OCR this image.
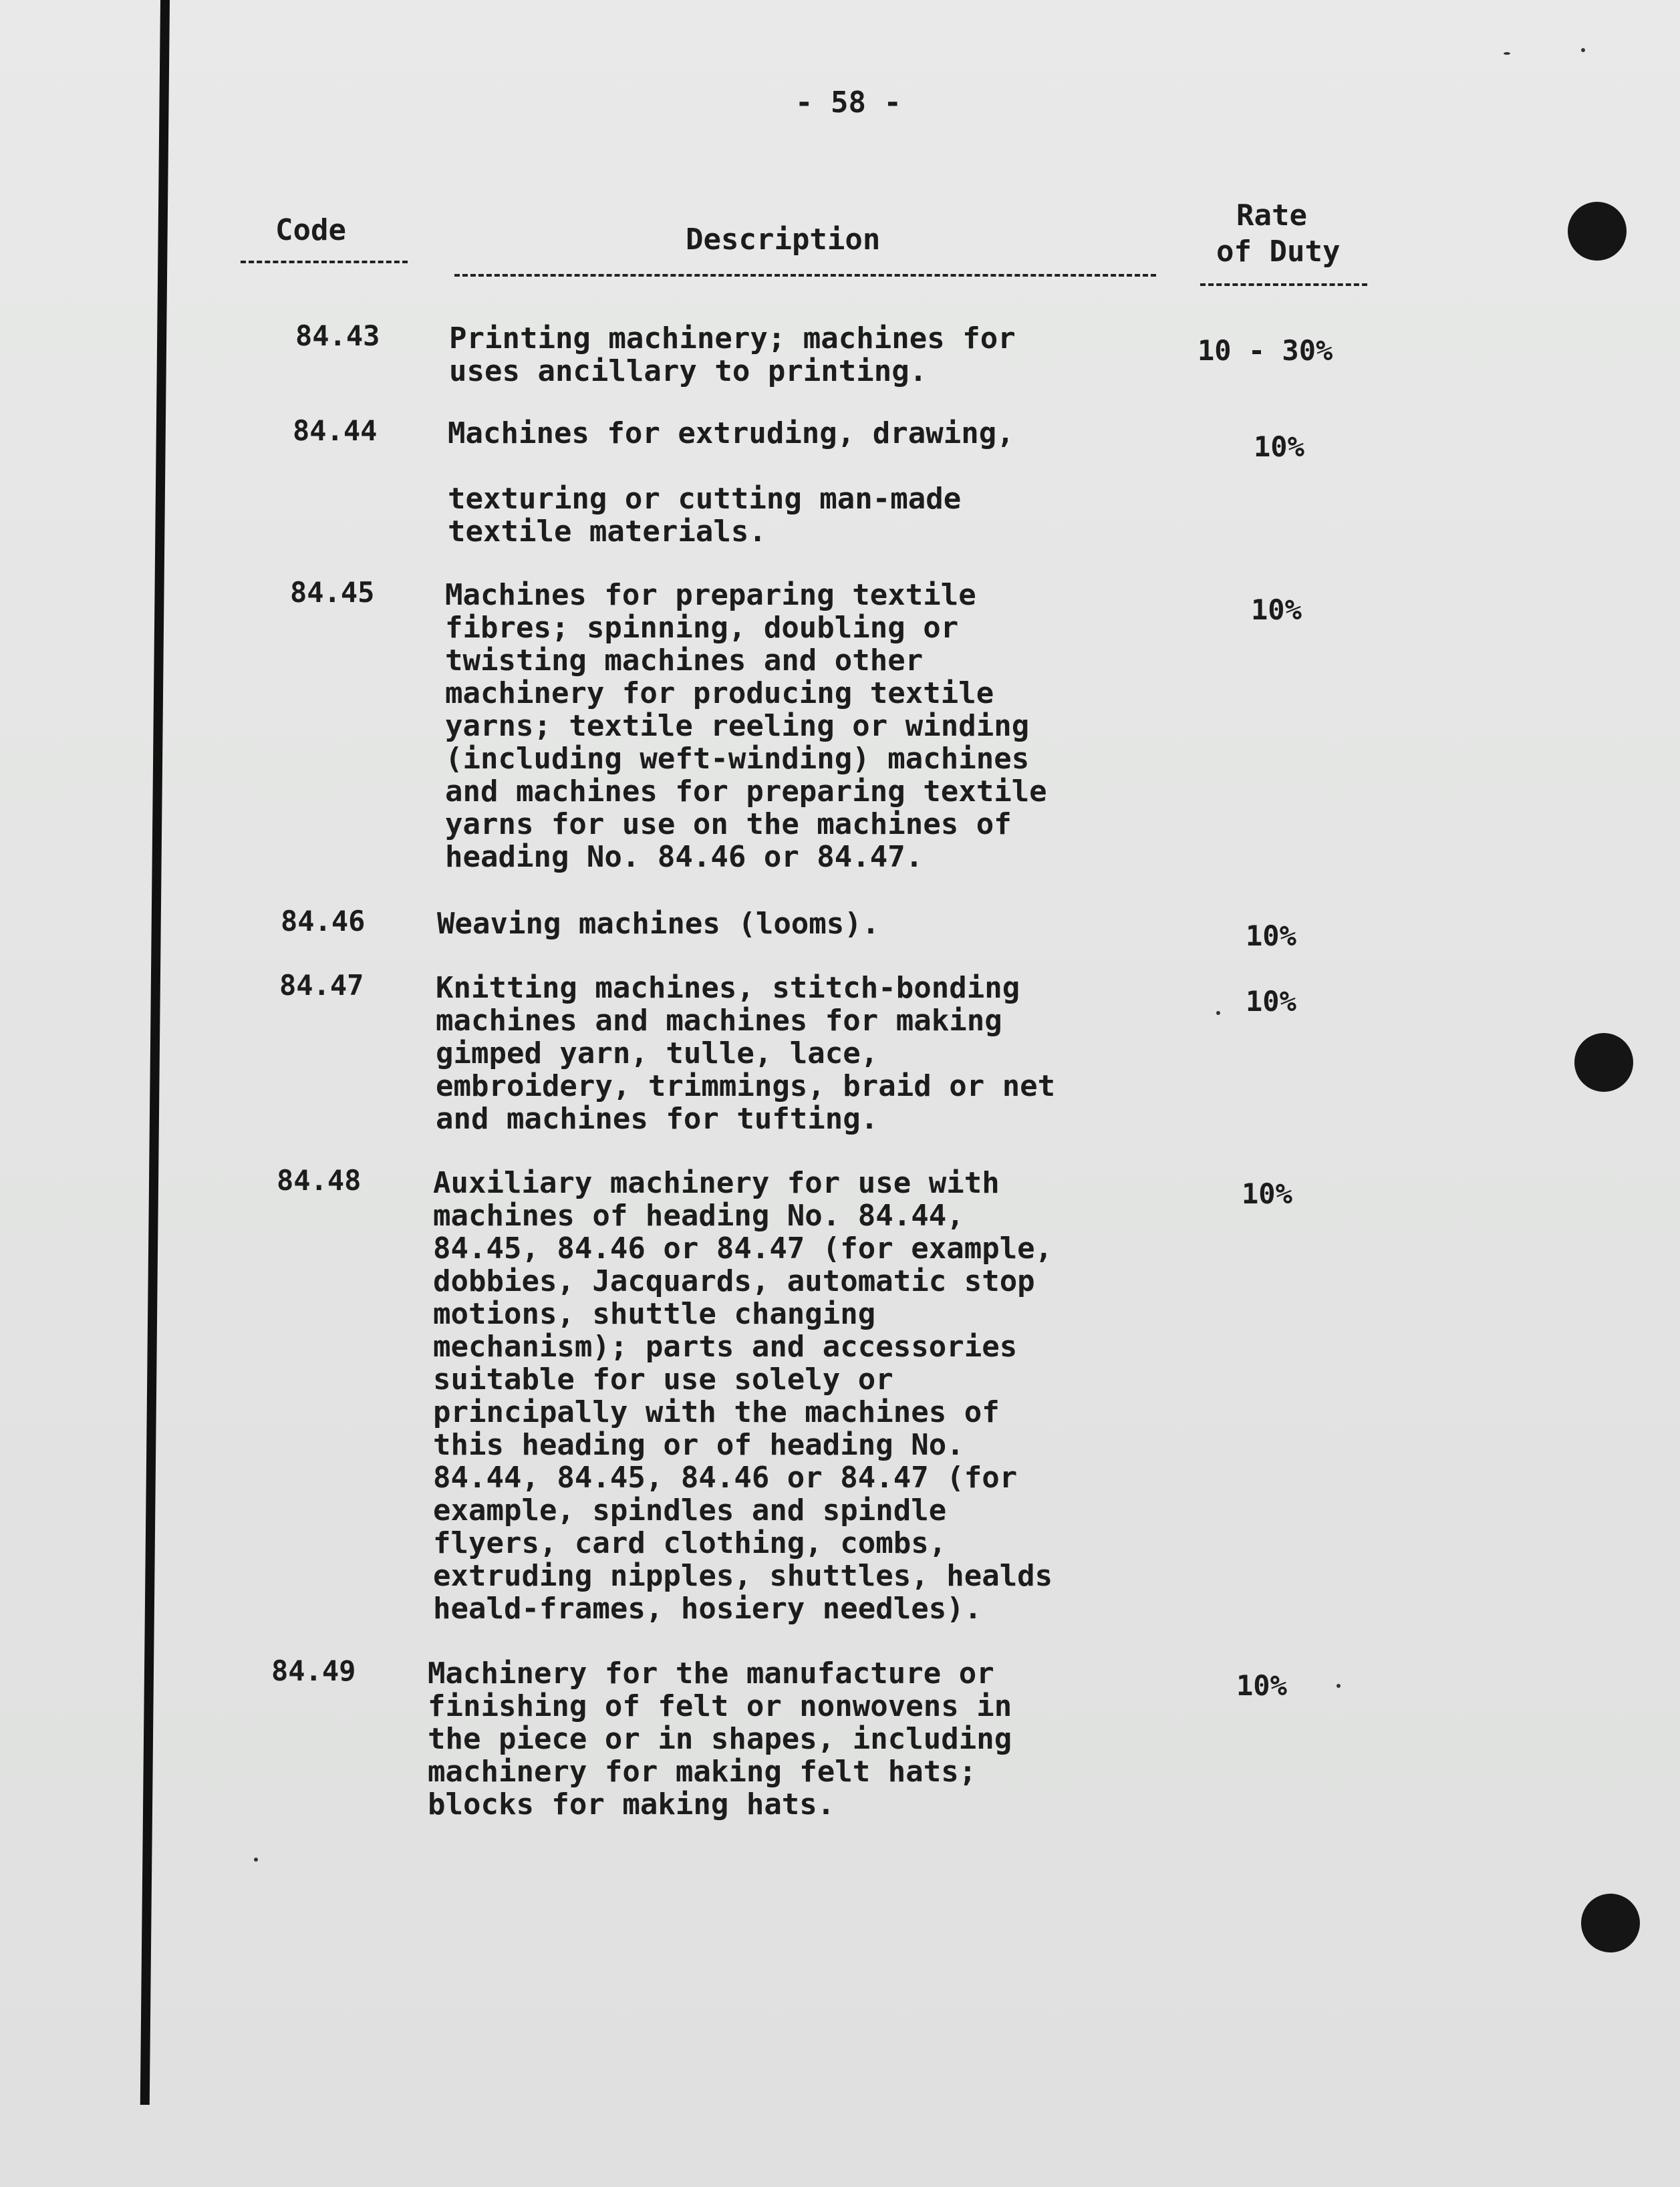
- 58 -
Code	Description
Rate
of Duty
84.43 Printing machinery; machines for
uses ancillary to printing.
10 - 30%
84.44 Machines for extruding, drawing,

texturing or cutting man-made
textile materials.
10%
84.45 Machines for preparing textile
fibres; spinning, doubling or
twisting machines and other
machinery for producing textile
yarns; textile reeling or winding
(including weft-winding) machines
and machines for preparing textile
yarns for use on the machines of
heading No. 84.46 or 84.47.
10%
84.46 Weaving machines (looms).	10%
84.47 Knitting machines, stitch-bonding
machines and machines for making
gimped yarn, tulle, lace,
embroidery, trimmings, braid or net
and machines for tufting.
10%
84.48 Auxiliary machinery for use with
machines of heading No. 84.44,
84.45, 84.46 or 84.47 (for example,
dobbies, Jacquards, automatic stop
motions, shuttle changing
mechanism); parts and accessories
suitable for use solely or
principally with the machines of
this heading or of heading No.
84.44, 84.45, 84.46 or 84.47 (for
example, spindles and spindle
flyers, card clothing, combs,
extruding nipples, shuttles, healds
heald-frames, hosiery needles).
10%
84.49 Machinery for the manufacture or
finishing of felt or nonwovens in
the piece or in shapes, including
machinery for making felt hats;
blocks for making hats.
10%
